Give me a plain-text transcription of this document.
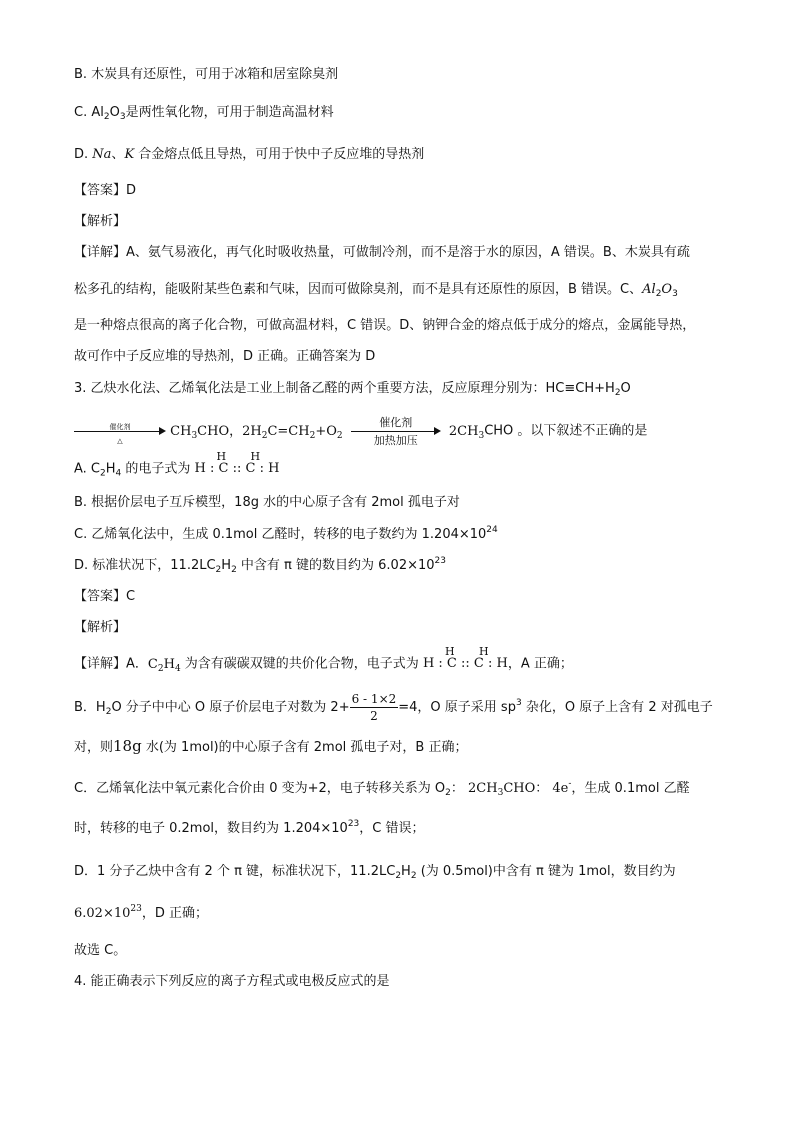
B. 木炭具有还原性，可用于冰箱和居室除臭剂
C. $Al_2O_3$是两性氧化物，可用于制造高温材料
D. Na、K 合金熔点低且导热，可用于快中子反应堆的导热剂
【答案】D
【解析】
【详解】A、氨气易液化，再气化时吸收热量，可做制冷剂，而不是溶于水的原因，A 错误。B、木炭具有疏
松多孔的结构，能吸附某些色素和气味，因而可做除臭剂，而不是具有还原性的原因，B 错误。C、$Al_2O_3$
是一种熔点很高的离子化合物，可做高温材料，C 错误。D、钠钾合金的熔点低于成分的熔点，金属能导热，
故可作中子反应堆的导热剂，D 正确。正确答案为 D
3. 乙炔水化法、乙烯氧化法是工业上制备乙醛的两个重要方法，反应原理分别为：$HC\equiv CH+H_2O$
催化剂
△
$CH_3CHO$，$2H_2C=CH_2+O_2$
催化剂
加热加压
$2CH_3CHO$ 。以下叙述不正确的是
A. $C_2H_4$ 的电子式为
H H
H : C :: C : H
B. 根据价层电子互斥模型，18g 水的中心原子含有 2mol 孤电子对
C. 乙烯氧化法中，生成 0.1mol 乙醛时，转移的电子数约为 $1.204\times 10^{24}$
D. 标准状况下，$11.2LC_2H_2$ 中含有 π 键的数目约为 $6.02\times 10^{23}$
【答案】C
【解析】
【详解】A．$C_2H_4$ 为含有碳碳双键的共价化合物，电子式为
H H
H : C :: C : H，A 正确；
B．$H_2O$ 分子中中心 O 原子价层电子对数为 $2+ \frac{6 - 1\times 2}{2} =4$，O 原子采用 $sp^3$ 杂化，O 原子上含有 2 对孤电子
对，则18g 水(为 1mol)的中心原子含有 2mol 孤电子对，B 正确；
C．乙烯氧化法中氧元素化合价由 0 变为+2，电子转移关系为 $O_2$： $2CH_3CHO$： 4e-，生成 0.1mol 乙醛
时，转移的电子 0.2mol，数目约为 $1.204\times 10^{23}$，C 错误；
D．1 分子乙炔中含有 2 个 π 键，标准状况下，$11.2LC_2H_2$ (为 0.5mol)中含有 π 键为 1mol，数目约为
$6.02\times 10^{23}$，D 正确；
故选 C。
4. 能正确表示下列反应的离子方程式或电极反应式的是
